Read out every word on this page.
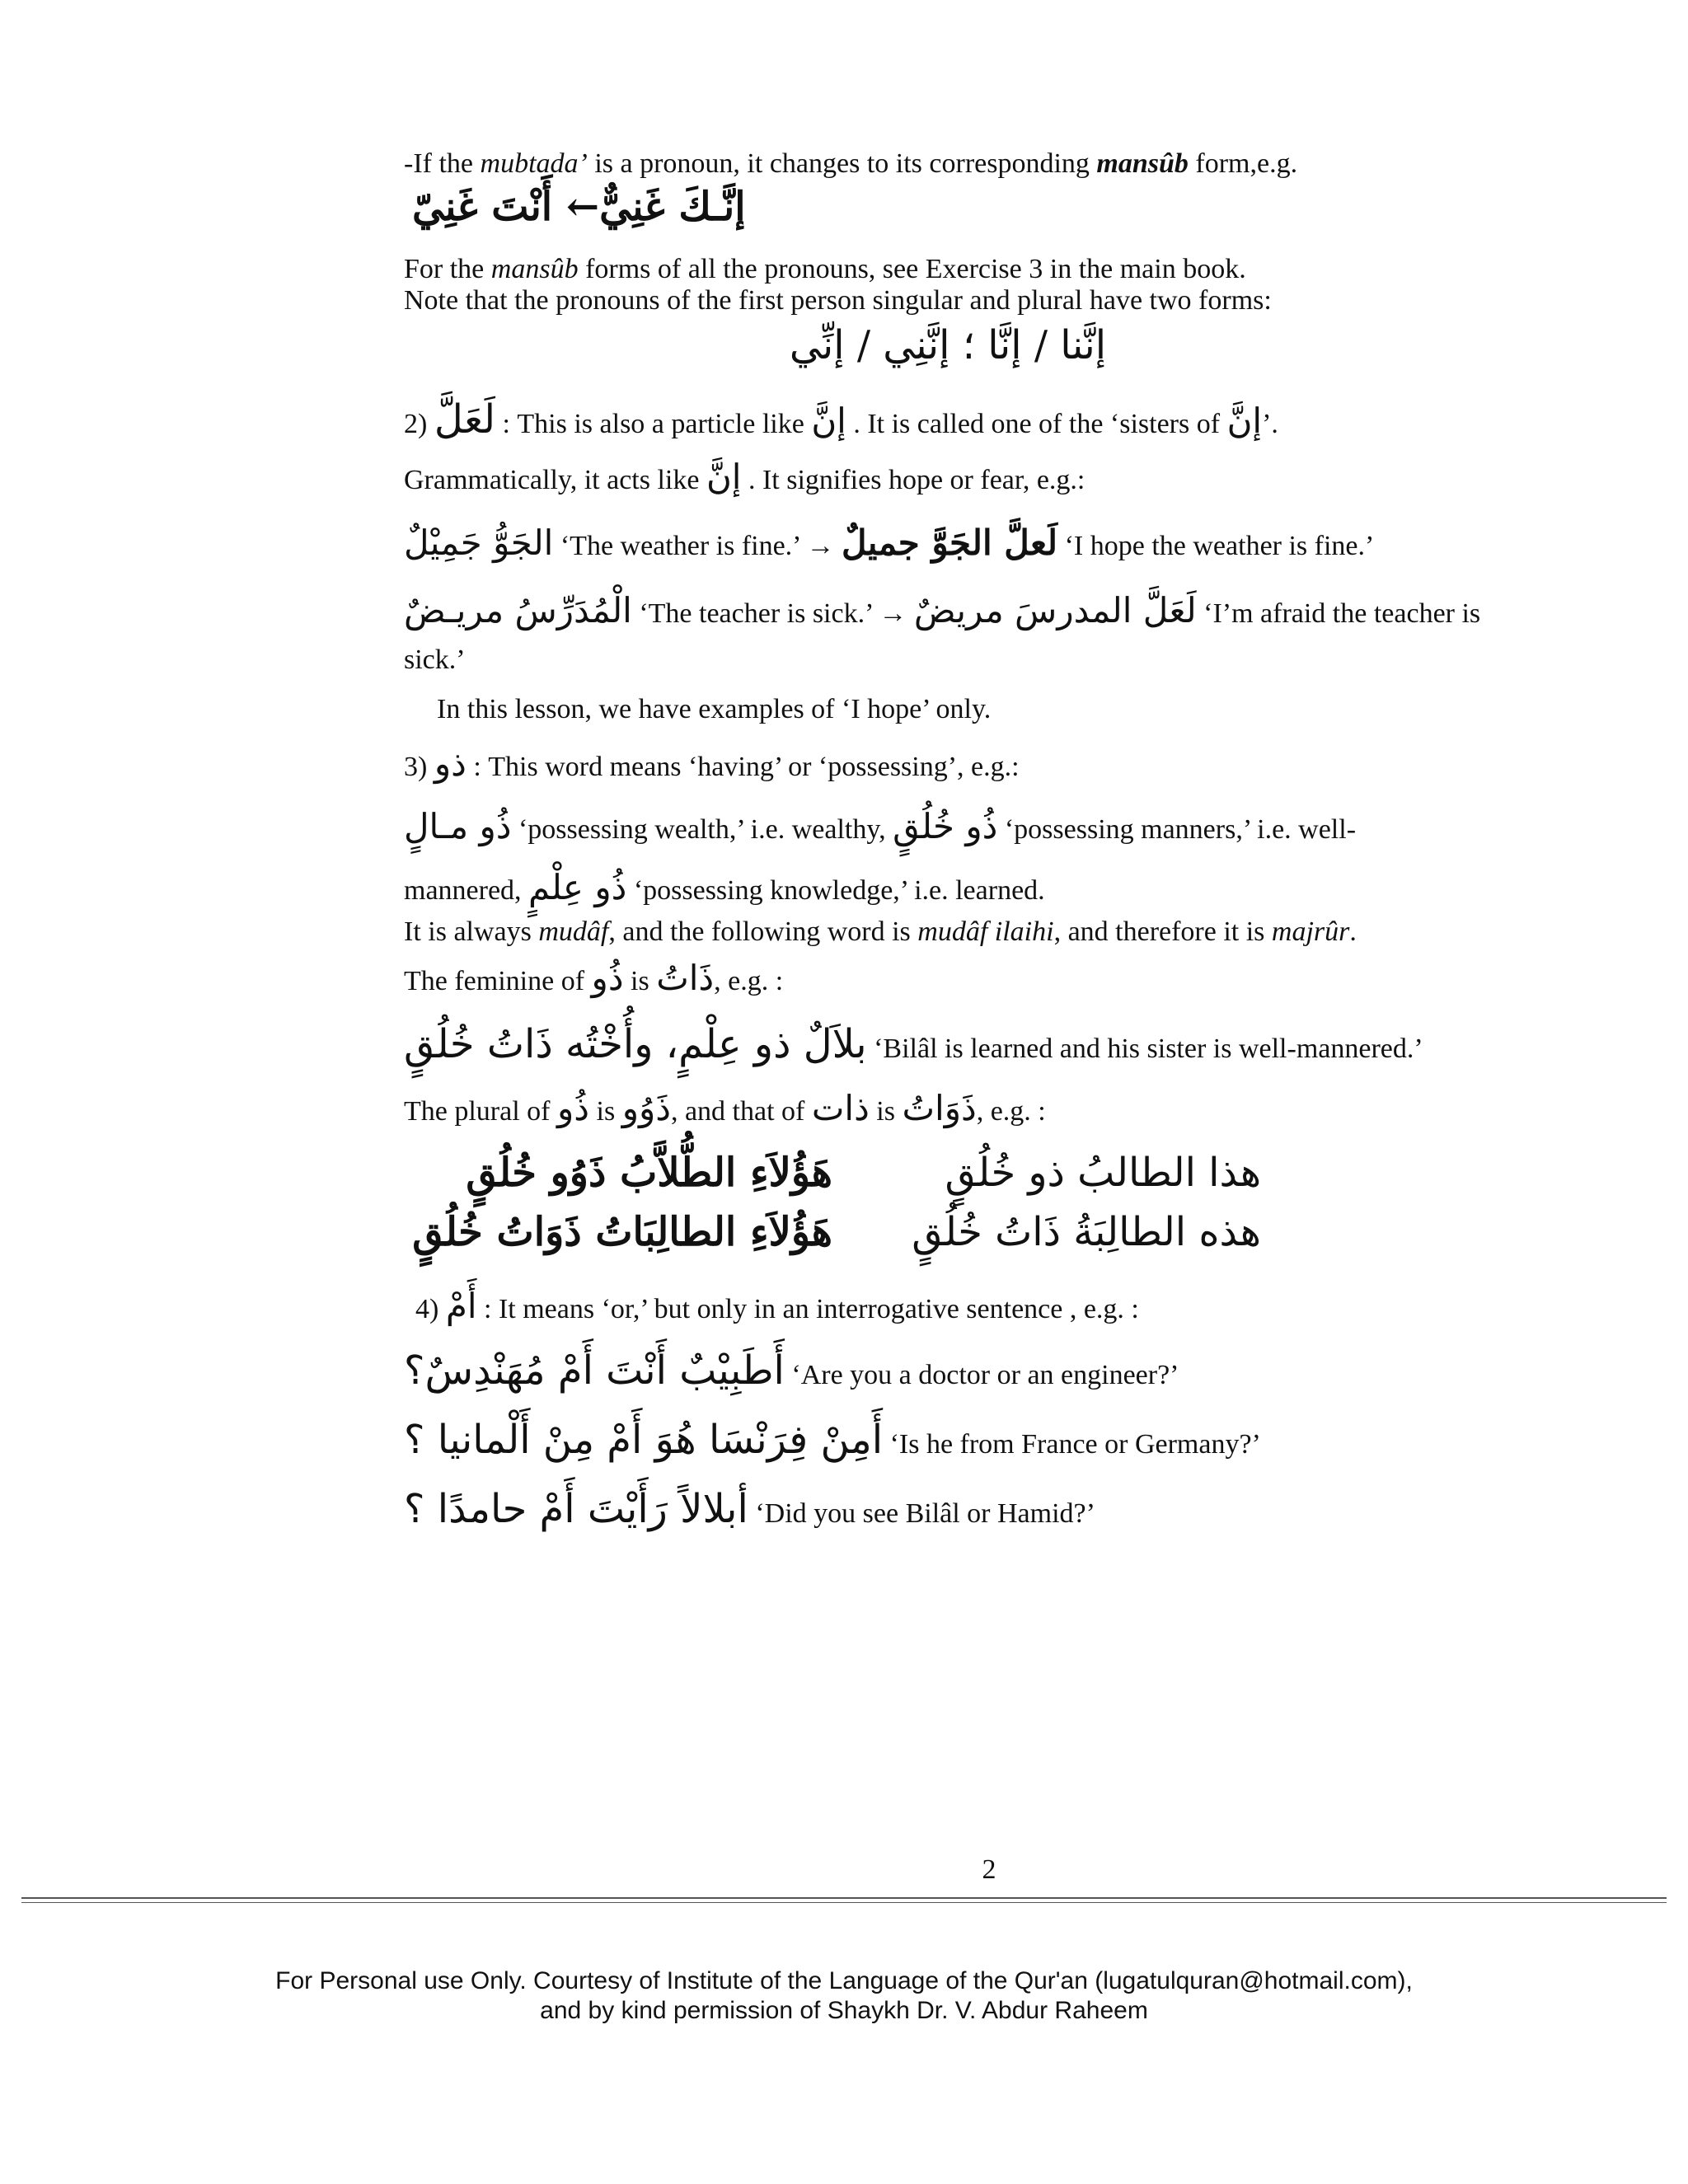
-If the mubtada’ is a pronoun, it changes to its corresponding mansûb form,e.g.

إنَّـكَ غَنِيٌّ← أَنْتَ غَنِيّ

For the mansûb forms of all the pronouns, see Exercise 3 in the main book.

Note that the pronouns of the first person singular and plural have two forms:

إنَّنا / إنَّا ؛ إنَّنِي / إنِّي

2) لَعَلَّ : This is also a particle like إنَّ . It is called one of the ‘sisters of إنَّ’.

Grammatically, it acts like إنَّ . It signifies hope or fear, e.g.:

الجَوُّ جَمِيْلٌ ‘The weather is fine.’ → لَعلَّ الجَوَّ جميلٌ ‘I hope the weather is fine.’

الْمُدَرِّسُ مريـضٌ ‘The teacher is sick.’ → لَعَلَّ المدرسَ مريضٌ ‘I’m afraid the teacher is

sick.’

In this lesson, we have examples of ‘I hope’ only.

3) ذو : This word means ‘having’ or ‘possessing’, e.g.:

ذُو مـالٍ ‘possessing wealth,’ i.e. wealthy, ذُو خُلُقٍ ‘possessing manners,’ i.e. well-

mannered, ذُو عِلْمٍ ‘possessing knowledge,’ i.e. learned.

It is always mudâf, and the following word is mudâf ilaihi, and therefore it is majrûr.

The feminine of ذُو is ذَاتُ, e.g. :

بلاَلٌ ذو عِلْمٍ، وأُخْتُه ذَاتُ خُلُقٍ ‘Bilâl is learned and his sister is well-mannered.’

The plural of ذُو is ذَوُو, and that of ذات is ذَوَاتُ, e.g. :

هذا الطالبُ ذو خُلُقٍ
هَؤُلاَءِ الطُّلاَّبُ ذَوُو خُلُقٍ
هذه الطالِبَةُ ذَاتُ خُلُقٍ
هَؤُلاَءِ الطالِبَاتُ ذَوَاتُ خُلُقٍ

4) أَمْ : It means ‘or,’ but only in an interrogative sentence , e.g. :

أَطَبِيْبٌ أَنْتَ أَمْ مُهَنْدِسٌ؟ ‘Are you a doctor or an engineer?’

أَمِنْ فِرَنْسَا هُوَ أَمْ مِنْ أَلْمانيا ؟ ‘Is he from France or Germany?’

أبلالاً رَأَيْتَ أَمْ حامدًا ؟ ‘Did you see Bilâl or Hamid?’

2
For Personal use Only. Courtesy of Institute of the Language of the Qur'an (lugatulquran@hotmail.com),
and by kind permission of Shaykh Dr. V. Abdur Raheem
